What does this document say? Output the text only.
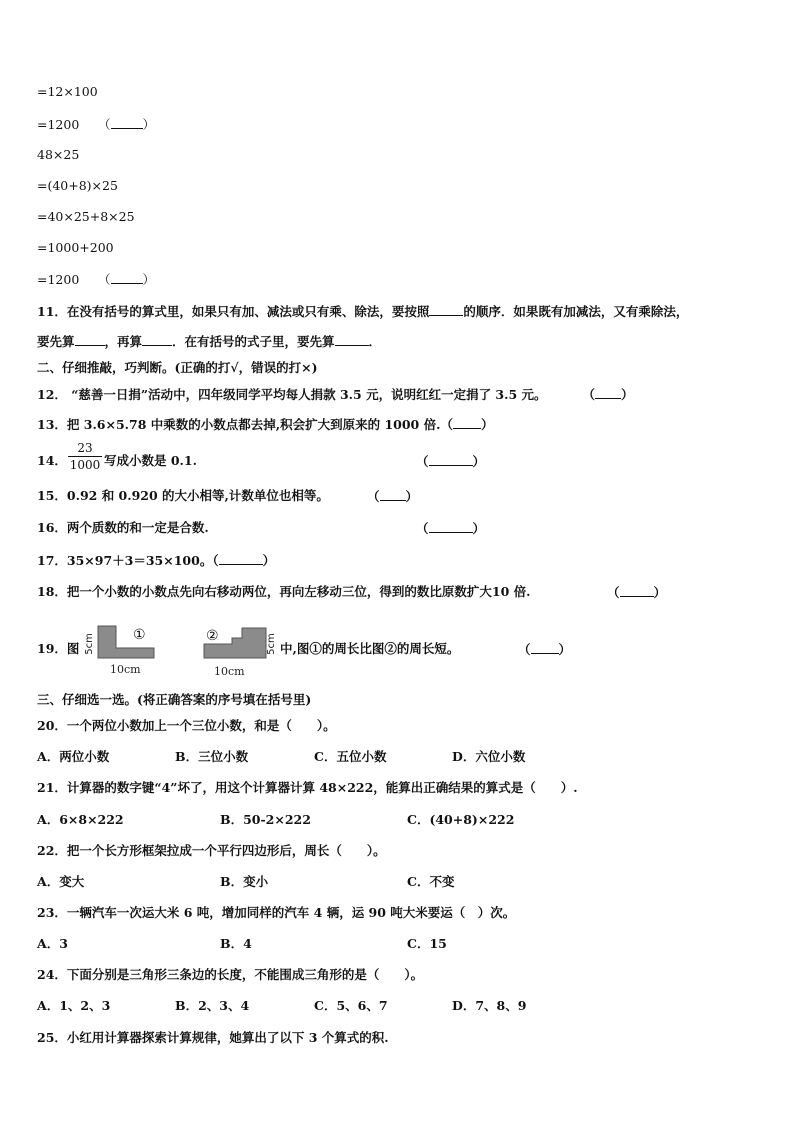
=12×100
=1200　　（	）
48×25
=(40+8)×25
=40×25+8×25
=1000+200
=1200　　（	）
11．在没有括号的算式里，如果只有加、减法或只有乘、除法，要按照	的顺序．如果既有加减法，又有乘除法，
要先算 ，再算 ．在有括号的式子里，要先算	．
二、仔细推敲，巧判断。(正确的打√，错误的打×)
12． “慈善一日捐”活动中，四年级同学平均每人捐款 3.5 元，说明红红一定捐了 3.5 元。	（ ）
13．把 3.6×5.78 中乘数的小数点都去掉,积会扩大到原来的 1000 倍.（ ）
14．
23
1000 写成小数是 0.1.	（	）
15．0.92 和 0.920 的大小相等,计数单位也相等。	（ ）
16．两个质数的和一定是合数.	（	）
17．35×97＋3＝35×100。（	）
18．把一个小数的小数点先向右移动两位，再向左移动三位，得到的数比原数扩大10 倍.	（	）
19．图 5cm
10cm
①	5cm
10cm
②
中,图①的周长比图②的周长短。	（ ）
三、仔细选一选。(将正确答案的序号填在括号里)
20．一个两位小数加上一个三位小数，和是（　　）。
A．两位小数	B．三位小数	C．五位小数	D．六位小数
21．计算器的数字键“4”坏了，用这个计算器计算 48×222，能算出正确结果的算式是（　　）.
A．6×8×222	B．50-2×222	C．(40+8)×222
22．把一个长方形框架拉成一个平行四边形后，周长（　　）。
A．变大	B．变小	C．不变
23．一辆汽车一次运大米 6 吨，增加同样的汽车 4 辆，运 90 吨大米要运（　）次。
A．3	B．4	C．15
24．下面分别是三角形三条边的长度，不能围成三角形的是（　　）。
A．1、2、3	B．2、3、4	C．5、6、7	D．7、8、9
25．小红用计算器探索计算规律，她算出了以下 3 个算式的积.
